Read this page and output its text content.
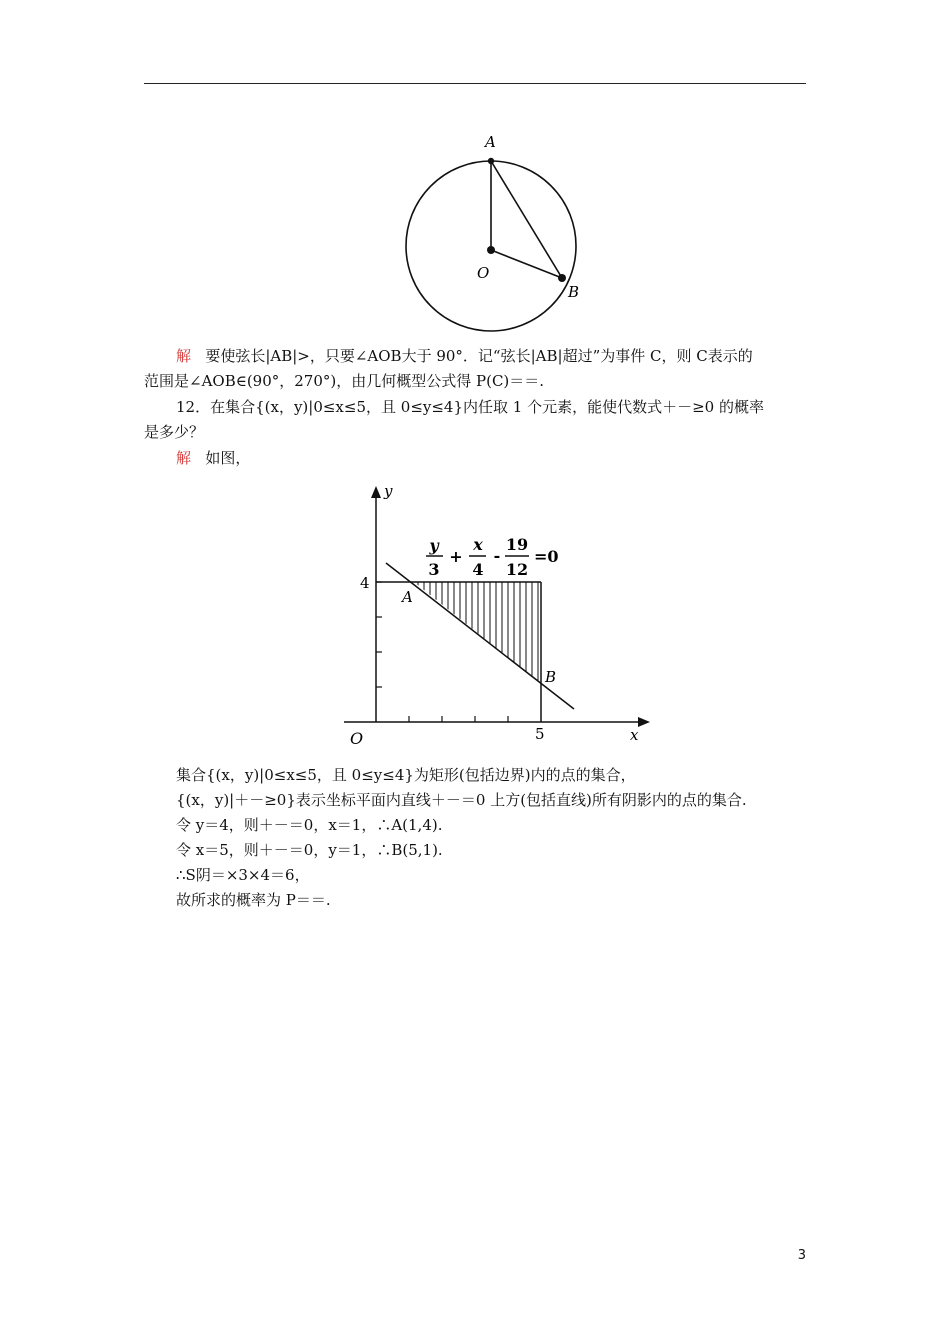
A
O
B
解 要使弦长|AB|>，只要∠AOB大于 90°．记“弦长|AB|超过”为事件 C，则 C表示的
范围是∠AOB∈(90°，270°)，由几何概型公式得 P(C)＝＝.
12．在集合{(x，y)|0≤x≤5，且 0≤y≤4}内任取 1 个元素，能使代数式＋－≥0 的概率
是多少？
解 如图，
y
x
O
4
5
A
B
y
3
+
x
4
-
19
12
=0
集合{(x，y)|0≤x≤5，且 0≤y≤4}为矩形(包括边界)内的点的集合，
{(x，y)|＋－≥0}表示坐标平面内直线＋－＝0 上方(包括直线)所有阴影内的点的集合.
令 y＝4，则＋－＝0，x＝1，∴A(1,4).
令 x＝5，则＋－＝0，y＝1，∴B(5,1).
∴S阴＝×3×4＝6，
故所求的概率为 P＝＝.
3
